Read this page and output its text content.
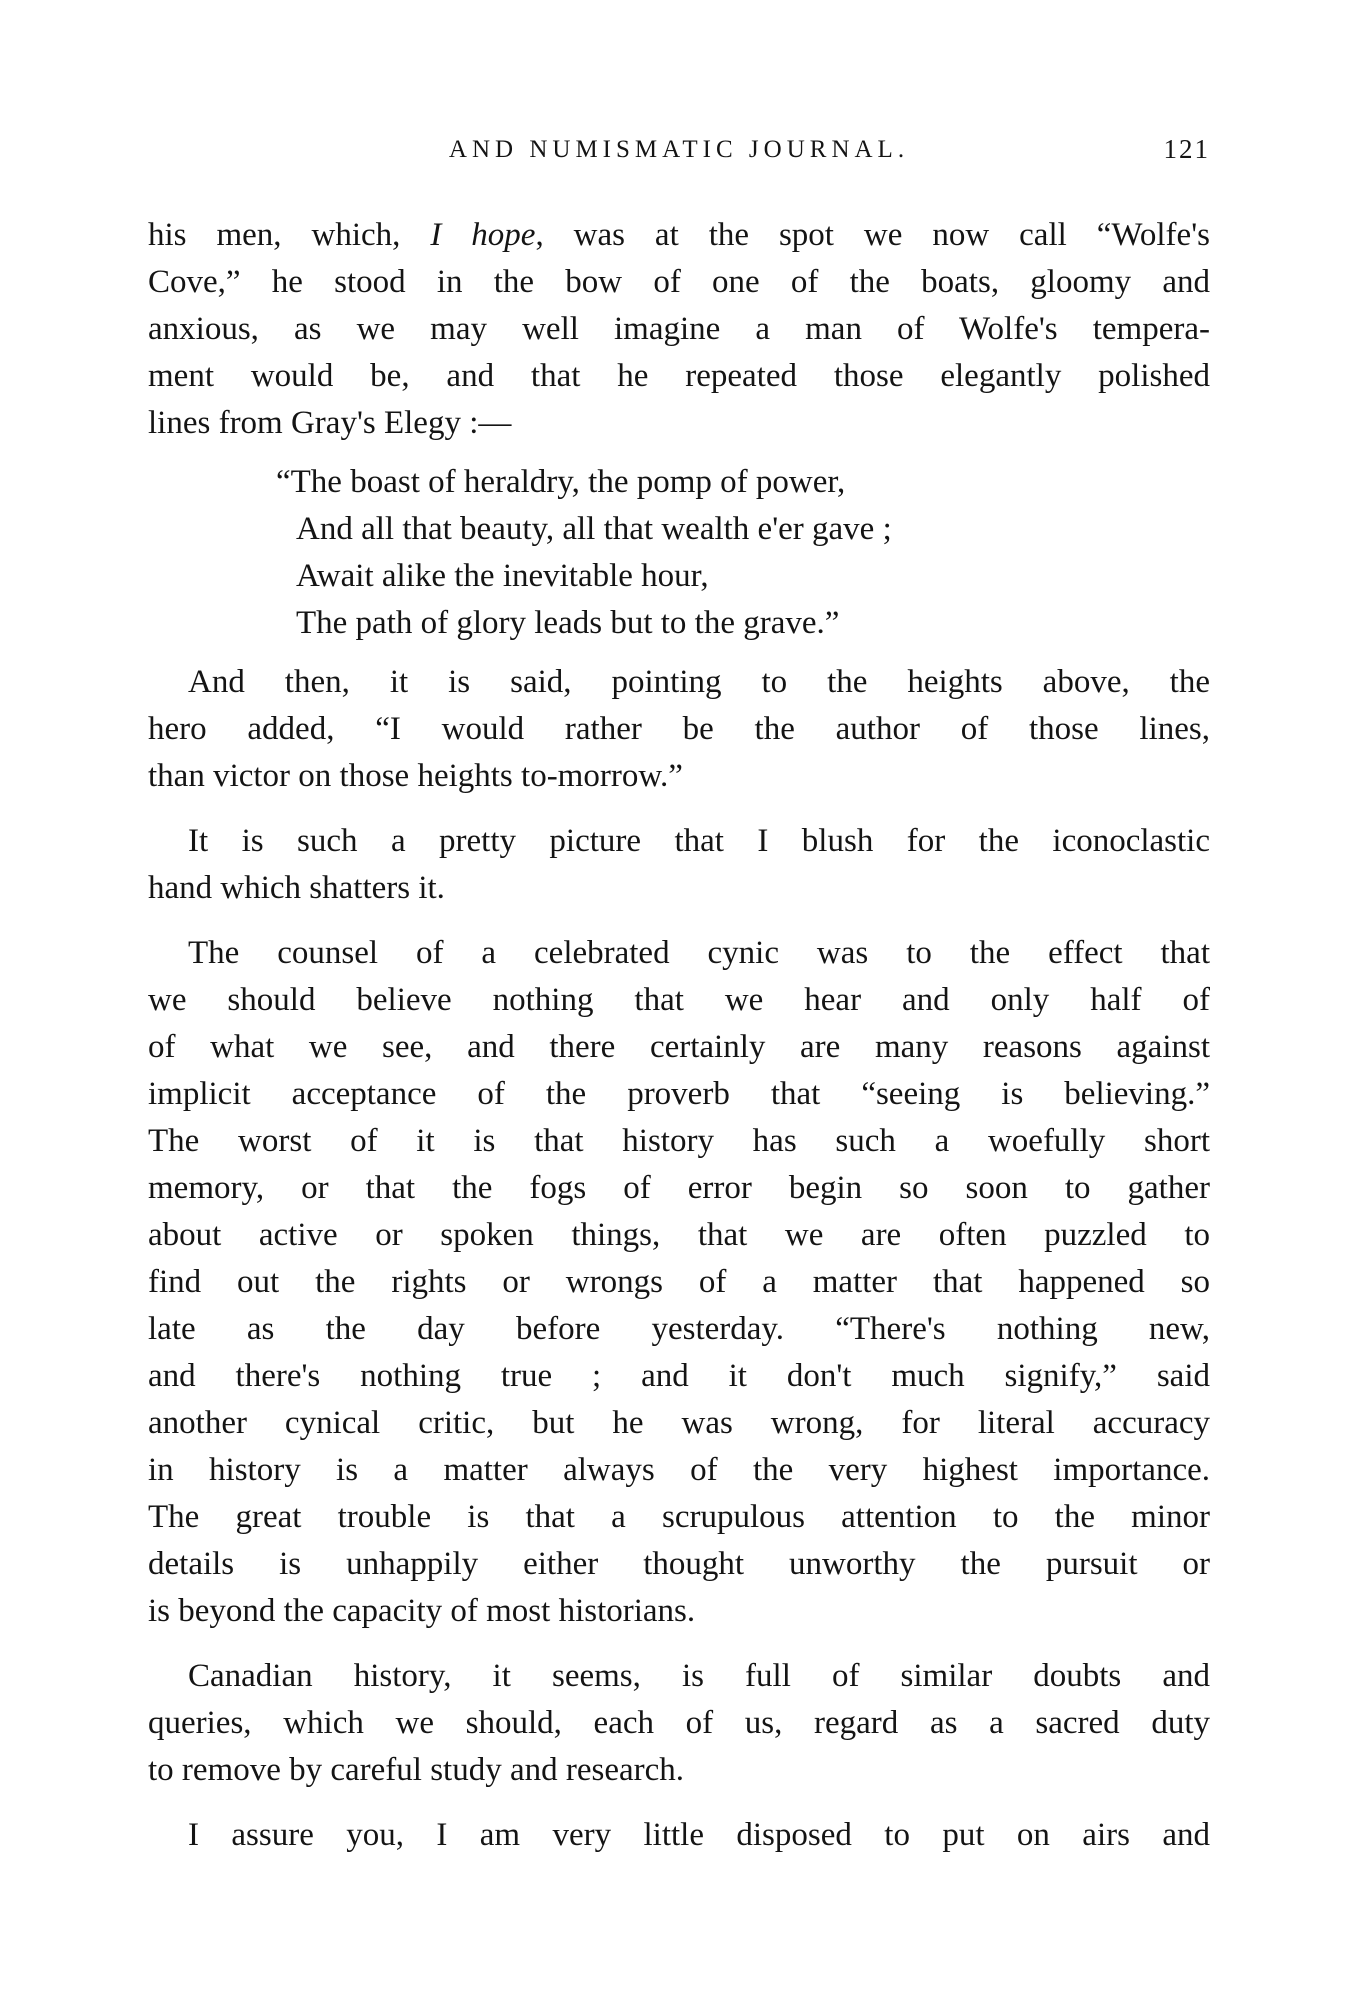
AND NUMISMATIC JOURNAL.	121
his men, which, I hope, was at the spot we now call “Wolfe's
Cove,” he stood in the bow of one of the boats, gloomy and
anxious, as we may well imagine a man of Wolfe's tempera-
ment would be, and that he repeated those elegantly polished
lines from Gray's Elegy :—
“The boast of heraldry, the pomp of power,
And all that beauty, all that wealth e'er gave ;
Await alike the inevitable hour,
The path of glory leads but to the grave.”
And then, it is said, pointing to the heights above, the
hero added, “I would rather be the author of those lines,
than victor on those heights to-morrow.”
It is such a pretty picture that I blush for the iconoclastic
hand which shatters it.
The counsel of a celebrated cynic was to the effect that
we should believe nothing that we hear and only half of
of what we see, and there certainly are many reasons against
implicit acceptance of the proverb that “seeing is believing.”
The worst of it is that history has such a woefully short
memory, or that the fogs of error begin so soon to gather
about active or spoken things, that we are often puzzled to
find out the rights or wrongs of a matter that happened so
late as the day before yesterday. “There's nothing new,
and there's nothing true ; and it don't much signify,” said
another cynical critic, but he was wrong, for literal accuracy
in history is a matter always of the very highest importance.
The great trouble is that a scrupulous attention to the minor
details is unhappily either thought unworthy the pursuit or
is beyond the capacity of most historians.
Canadian history, it seems, is full of similar doubts and
queries, which we should, each of us, regard as a sacred duty
to remove by careful study and research.
I assure you, I am very little disposed to put on airs and
